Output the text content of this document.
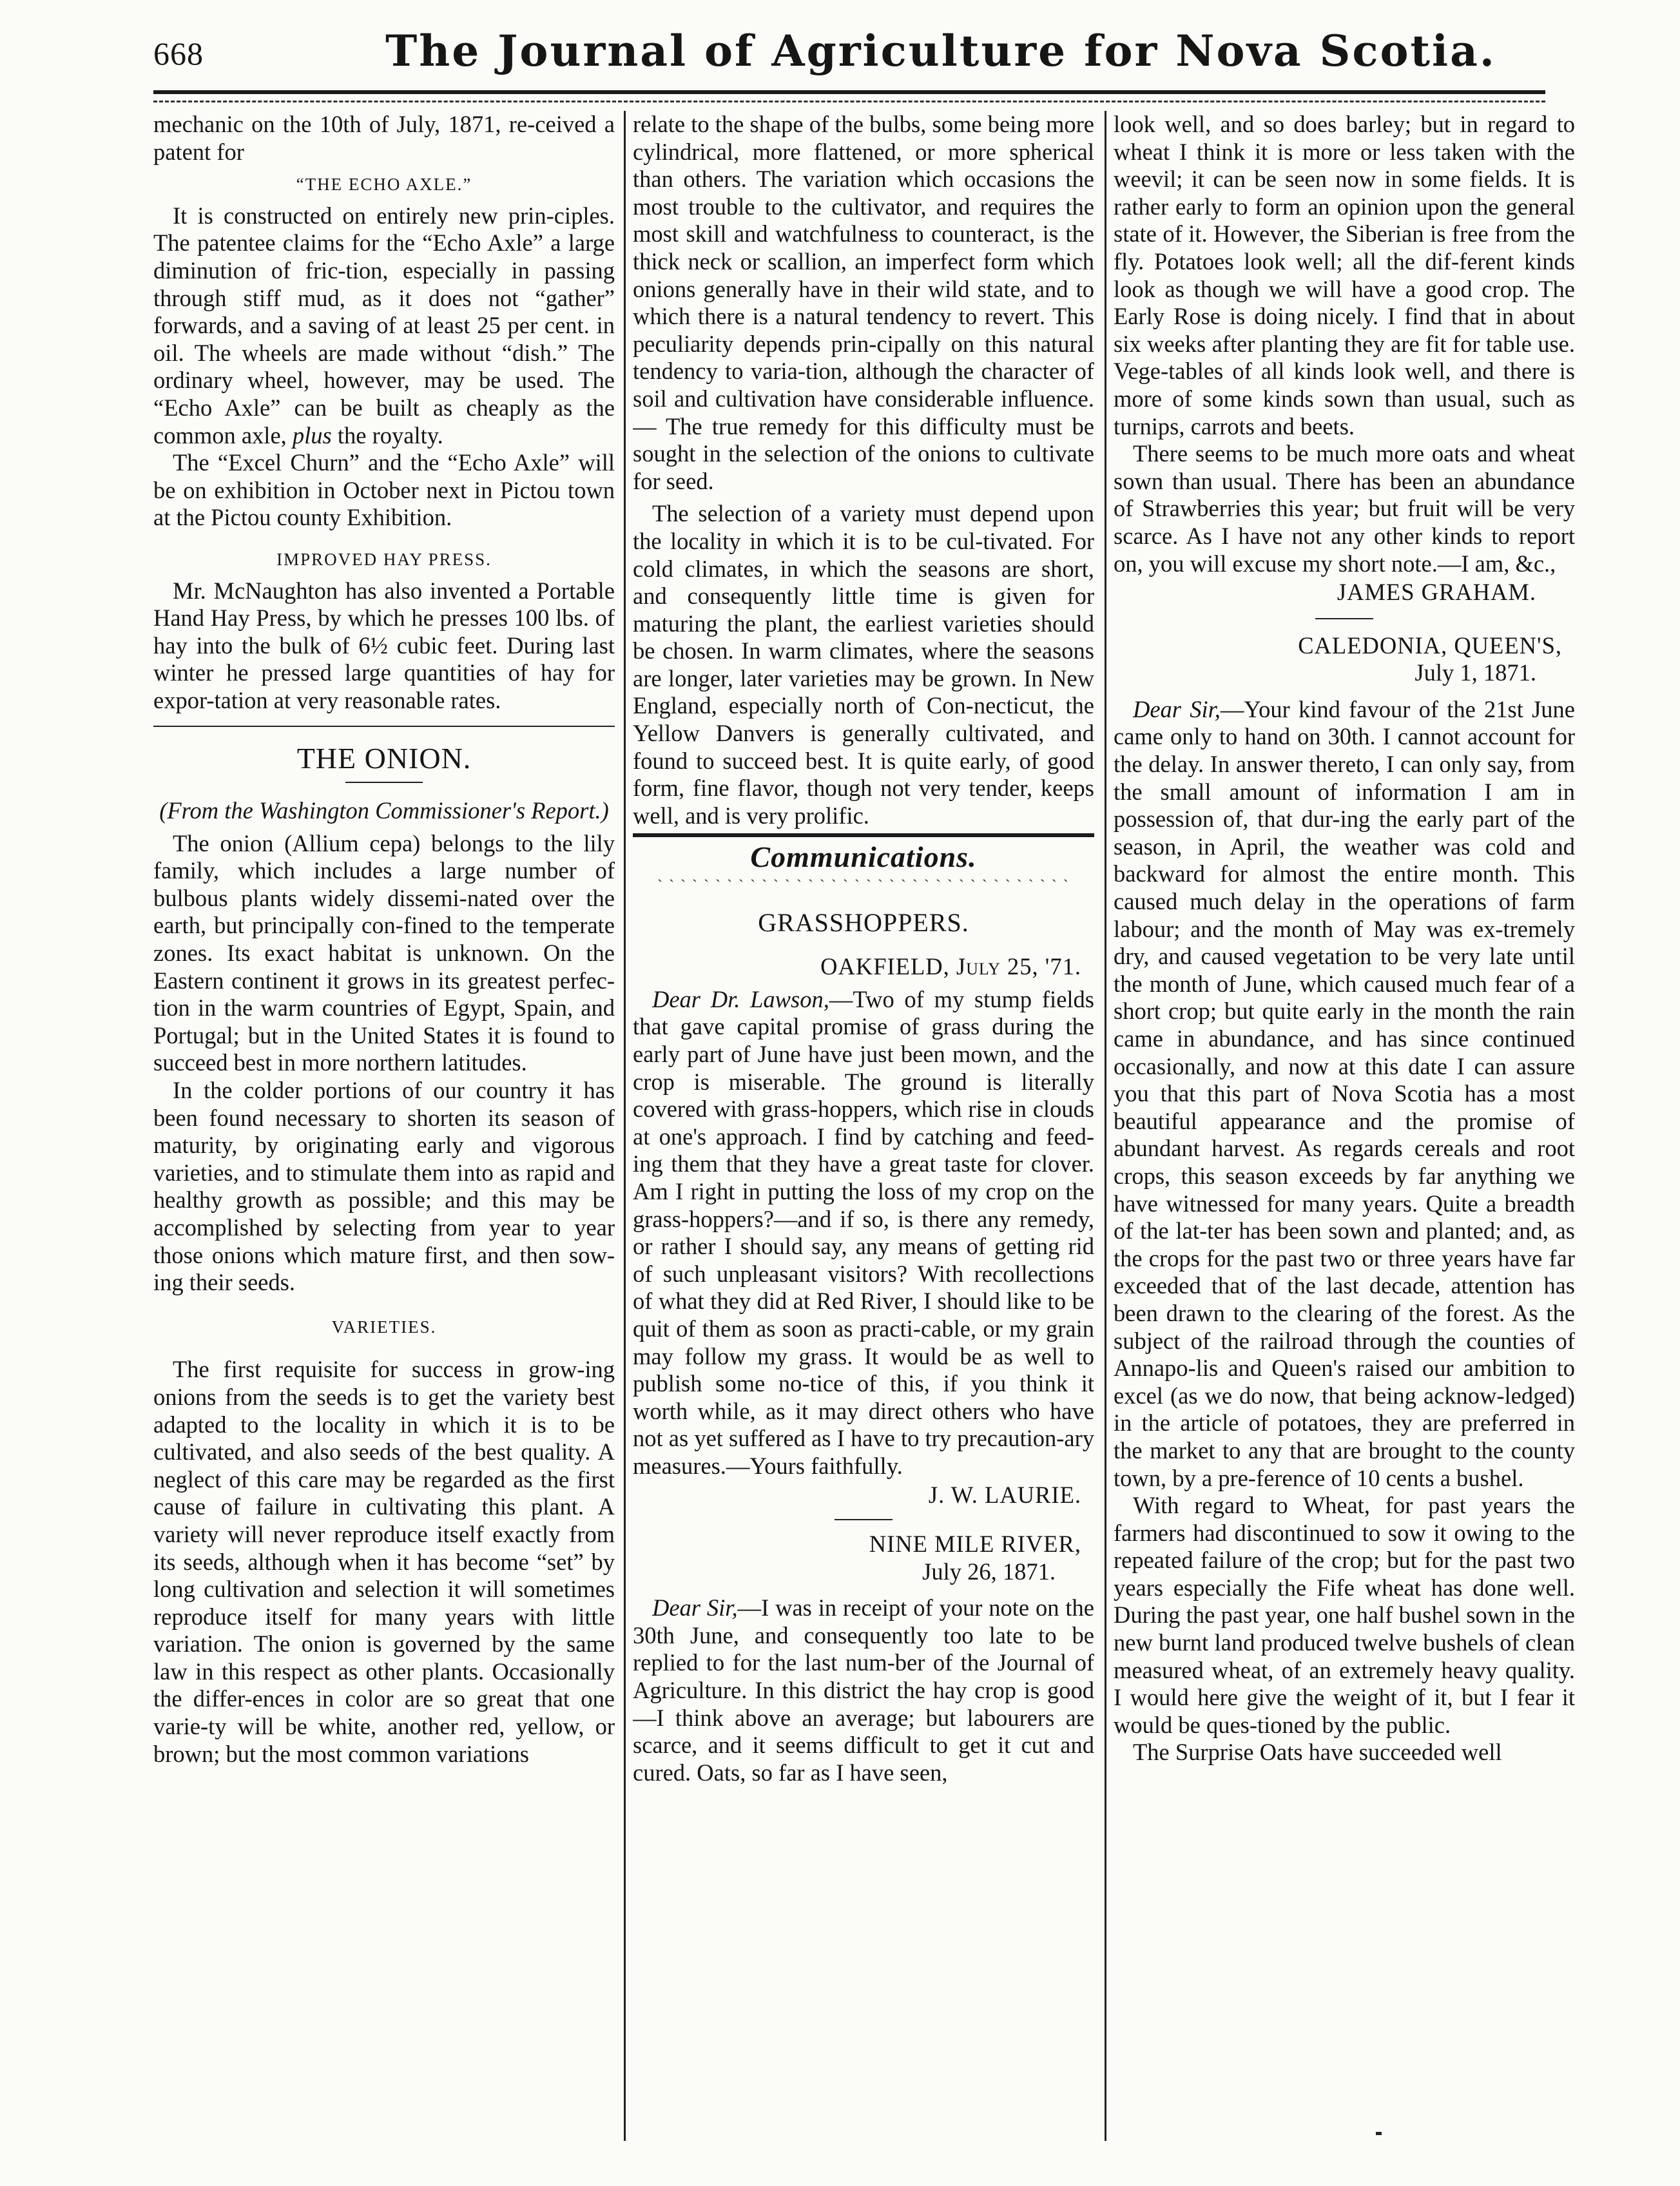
668	The Journal of Agriculture for Nova Scotia.

mechanic on the 10th of July, 1871, re-ceived a patent for

“THE ECHO AXLE.”

It is constructed on entirely new prin-ciples. The patentee claims for the “Echo Axle” a large diminution of fric-tion, especially in passing through stiff mud, as it does not “gather” forwards, and a saving of at least 25 per cent. in oil. The wheels are made without “dish.” The ordinary wheel, however, may be used. The “Echo Axle” can be built as cheaply as the common axle, plus the royalty.

The “Excel Churn” and the “Echo Axle” will be on exhibition in October next in Pictou town at the Pictou county Exhibition.

IMPROVED HAY PRESS.

Mr. McNaughton has also invented a Portable Hand Hay Press, by which he presses 100 lbs. of hay into the bulk of 6½ cubic feet. During last winter he pressed large quantities of hay for expor-tation at very reasonable rates.

THE ONION.
(From the Washington Commissioner's Report.)

The onion (Allium cepa) belongs to the lily family, which includes a large number of bulbous plants widely dissemi-nated over the earth, but principally con-fined to the temperate zones. Its exact habitat is unknown. On the Eastern continent it grows in its greatest perfec-tion in the warm countries of Egypt, Spain, and Portugal; but in the United States it is found to succeed best in more northern latitudes.

In the colder portions of our country it has been found necessary to shorten its season of maturity, by originating early and vigorous varieties, and to stimulate them into as rapid and healthy growth as possible; and this may be accomplished by selecting from year to year those onions which mature first, and then sow-ing their seeds.

VARIETIES.

The first requisite for success in grow-ing onions from the seeds is to get the variety best adapted to the locality in which it is to be cultivated, and also seeds of the best quality. A neglect of this care may be regarded as the first cause of failure in cultivating this plant. A variety will never reproduce itself exactly from its seeds, although when it has become “set” by long cultivation and selection it will sometimes reproduce itself for many years with little variation. The onion is governed by the same law in this respect as other plants. Occasionally the differ-ences in color are so great that one varie-ty will be white, another red, yellow, or brown; but the most common variations

relate to the shape of the bulbs, some being more cylindrical, more flattened, or more spherical than others. The variation which occasions the most trouble to the cultivator, and requires the most skill and watchfulness to counteract, is the thick neck or scallion, an imperfect form which onions generally have in their wild state, and to which there is a natural tendency to revert. This peculiarity depends prin-cipally on this natural tendency to varia-tion, although the character of soil and cultivation have considerable influence.— The true remedy for this difficulty must be sought in the selection of the onions to cultivate for seed.

The selection of a variety must depend upon the locality in which it is to be cul-tivated. For cold climates, in which the seasons are short, and consequently little time is given for maturing the plant, the earliest varieties should be chosen. In warm climates, where the seasons are longer, later varieties may be grown. In New England, especially north of Con-necticut, the Yellow Danvers is generally cultivated, and found to succeed best. It is quite early, of good form, fine flavor, though not very tender, keeps well, and is very prolific.

Communications.
` ` ` ` ` ` ` ` ` ` ` ` ` ` ` ` ` ` ` ` ` ` ` ` ` ` ` ` ` ` ` ` ` ` ` `
GRASSHOPPERS.
OAKFIELD, July 25, '71.

Dear Dr. Lawson,—Two of my stump fields that gave capital promise of grass during the early part of June have just been mown, and the crop is miserable. The ground is literally covered with grass-hoppers, which rise in clouds at one's approach. I find by catching and feed-ing them that they have a great taste for clover. Am I right in putting the loss of my crop on the grass-hoppers?—and if so, is there any remedy, or rather I should say, any means of getting rid of such unpleasant visitors? With recollections of what they did at Red River, I should like to be quit of them as soon as practi-cable, or my grain may follow my grass. It would be as well to publish some no-tice of this, if you think it worth while, as it may direct others who have not as yet suffered as I have to try precaution-ary measures.—Yours faithfully.

J. W. LAURIE.
NINE MILE RIVER,
July 26, 1871.

Dear Sir,—I was in receipt of your note on the 30th June, and consequently too late to be replied to for the last num-ber of the Journal of Agriculture. In this district the hay crop is good—I think above an average; but labourers are scarce, and it seems difficult to get it cut and cured. Oats, so far as I have seen,

look well, and so does barley; but in regard to wheat I think it is more or less taken with the weevil; it can be seen now in some fields. It is rather early to form an opinion upon the general state of it. However, the Siberian is free from the fly. Potatoes look well; all the dif-ferent kinds look as though we will have a good crop. The Early Rose is doing nicely. I find that in about six weeks after planting they are fit for table use. Vege-tables of all kinds look well, and there is more of some kinds sown than usual, such as turnips, carrots and beets.

There seems to be much more oats and wheat sown than usual. There has been an abundance of Strawberries this year; but fruit will be very scarce. As I have not any other kinds to report on, you will excuse my short note.—I am, &c.,

JAMES GRAHAM.
CALEDONIA, QUEEN'S,
July 1, 1871.

Dear Sir,—Your kind favour of the 21st June came only to hand on 30th. I cannot account for the delay. In answer thereto, I can only say, from the small amount of information I am in possession of, that dur-ing the early part of the season, in April, the weather was cold and backward for almost the entire month. This caused much delay in the operations of farm labour; and the month of May was ex-tremely dry, and caused vegetation to be very late until the month of June, which caused much fear of a short crop; but quite early in the month the rain came in abundance, and has since continued occasionally, and now at this date I can assure you that this part of Nova Scotia has a most beautiful appearance and the promise of abundant harvest. As regards cereals and root crops, this season exceeds by far anything we have witnessed for many years. Quite a breadth of the lat-ter has been sown and planted; and, as the crops for the past two or three years have far exceeded that of the last decade, attention has been drawn to the clearing of the forest. As the subject of the railroad through the counties of Annapo-lis and Queen's raised our ambition to excel (as we do now, that being acknow-ledged) in the article of potatoes, they are preferred in the market to any that are brought to the county town, by a pre-ference of 10 cents a bushel.

With regard to Wheat, for past years the farmers had discontinued to sow it owing to the repeated failure of the crop; but for the past two years especially the Fife wheat has done well. During the past year, one half bushel sown in the new burnt land produced twelve bushels of clean measured wheat, of an extremely heavy quality. I would here give the weight of it, but I fear it would be ques-tioned by the public.

The Surprise Oats have succeeded well
